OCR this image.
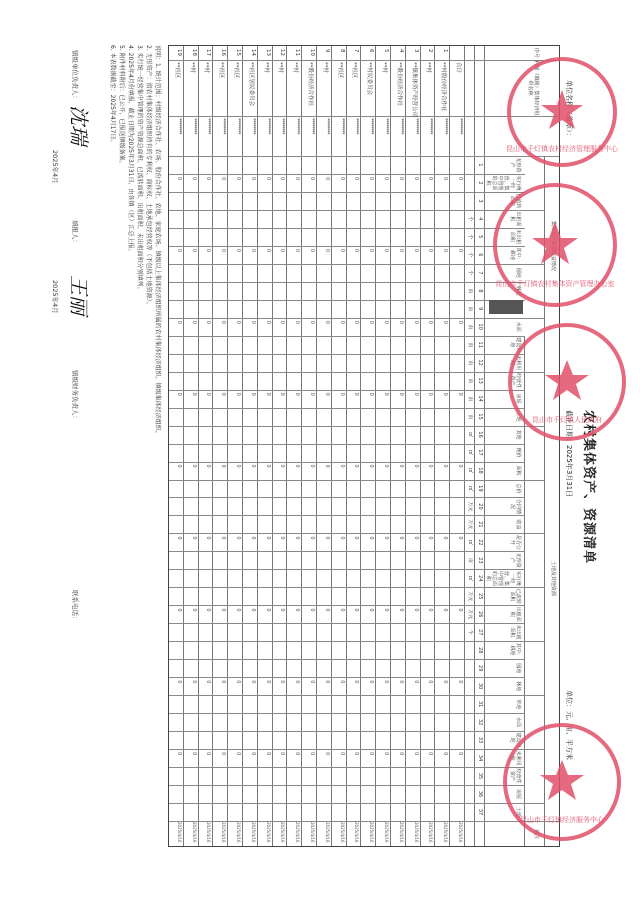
农村集体资产、资源清单
截止日期：2025年3月31日
单位：元、亩、平方米
序号
村级（镇级）集体经济组织名称
土地及其他资源
备注
无形资产
实行统一经营、集中管理的总面积
已流转面积
出租面积
未出租面积
其中：耕地
园地
林地
水面
建设用地
未利用地
经营性资产
房屋
土地
其他
现价
面积
总价
合同情况
收益
是否公开
无形资产
实行统一经营、集中管理的总面积
已流转面积
出租面积
未出租面积
其中：耕地
园地
林地
草地
水面
建设用地
未利用地
经营性资产
房屋
土地
1
2
3
4
5
6
7
8
9
10
11
12
13
14
15
16
17
18
19
20
21
22
23
24
25
26
27
28
29
30
31
32
33
34
35
36
37
个
个
个
个
亩
亩
亩
亩
亩
亩
亩
亩
㎡
㎡
㎡
㎡
万元
万元
㎡
亩
㎡
万元
万元
个
合计
********
0
0
0
0
0
0
0
0
0
2025/4/16
1
**村股份经济合作社
********
0
0
0
0
0
0
0
0
0
2025/4/16
2
**村
********
0
0
0
0
0
0
0
0
0
2025/4/16
3
**镇集体资产经营公司
********
0
0
0
0
0
0
0
0
0
2025/4/16
4
**股份经济合作社
********
0
0
0
0
0
0
0
0
0
2025/4/16
5
**村
********
0
0
0
0
0
0
0
0
0
2025/4/16
6
**村民委员会
********
0
0
0
0
0
0
0
0
0
2025/4/16
7
**社区
********
0
0
0
0
0
0
0
0
0
2025/4/16
8
**社区
********
0
0
0
0
0
0
0
0
0
2025/4/16
9
**村
********
0
0
0
0
0
0
0
0
0
2025/4/16
10
**股份经济合作社
********
0
0
0
0
0
0
0
0
0
2025/4/16
11
**村
********
0
0
0
0
0
0
0
0
0
2025/4/16
12
**村
********
0
0
0
0
0
0
0
0
0
2025/4/16
13
**村
********
0
0
0
0
0
0
0
0
0
2025/4/16
14
**社区居民委员会
********
0
0
0
0
0
0
0
0
0
2025/4/16
15
**社区
********
0
0
0
0
0
0
0
0
0
2025/4/16
16
**社区
********
0
0
0
0
0
0
0
0
0
2025/4/16
17
**村
********
0
0
0
0
0
0
0
0
0
2025/4/16
18
**村
********
0
0
0
0
0
0
0
0
0
2025/4/16
19
**社区
********
0
0
0
0
0
0
0
0
0
2025/4/16
说明：1. 统计范围：村级经济合作社、农场、股份合作社、农地、家庭农场、镇级以上集体经济组织所属的农村集体经济组织、镇级集体经济组织。
2. 无形资产：指农村集体经济组织持有的专利权、商标权、土地承包经营权等（不包括土地资源）。
3. 实行统一经营集中管理的资产资源总面积、已流转面积、出租面积、未出租面积分别填列。
4. 2025年4月份填报，截止日期为2025年3月31日，由各镇（区）汇总上报。
5. 附件材料附后：已公开，已报送镇级备案。
6. 本表数据截至：2025年4月17日。
镇级单位负责人：
填报人：
镇级财务负责人：
联系电话：
2025年4月
2025年4月
沈瑞
王丽
昆山市千灯镇农村经济管理服务中心
昆山市千灯镇农村集体资产管理办公室
昆山市千灯镇人民政府
昆山市千灯镇经济服务中心
